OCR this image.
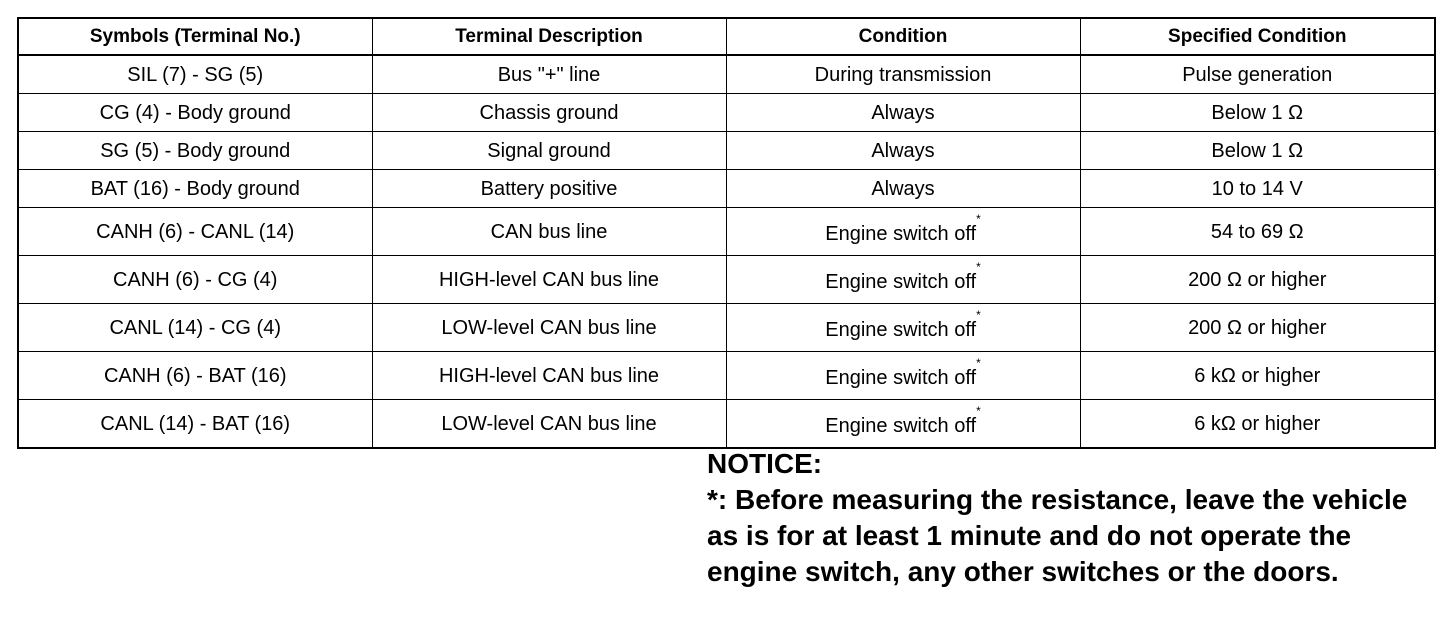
Symbols (Terminal No.)	Terminal Description	Condition	Specified Condition
SIL (7) - SG (5)	Bus "+" line	During transmission	Pulse generation
CG (4) - Body ground	Chassis ground	Always	Below 1 Ω
SG (5) - Body ground	Signal ground	Always	Below 1 Ω
BAT (16) - Body ground	Battery positive	Always	10 to 14 V
CANH (6) - CANL (14)	CAN bus line	Engine switch off*	54 to 69 Ω
CANH (6) - CG (4)	HIGH-level CAN bus line	Engine switch off*	200 Ω or higher
CANL (14) - CG (4)	LOW-level CAN bus line	Engine switch off*	200 Ω or higher
CANH (6) - BAT (16)	HIGH-level CAN bus line	Engine switch off*	6 kΩ or higher
CANL (14) - BAT (16)	LOW-level CAN bus line	Engine switch off*	6 kΩ or higher
NOTICE:
*: Before measuring the resistance, leave the vehicle as is for at least 1 minute and do not operate the engine switch, any other switches or the doors.
